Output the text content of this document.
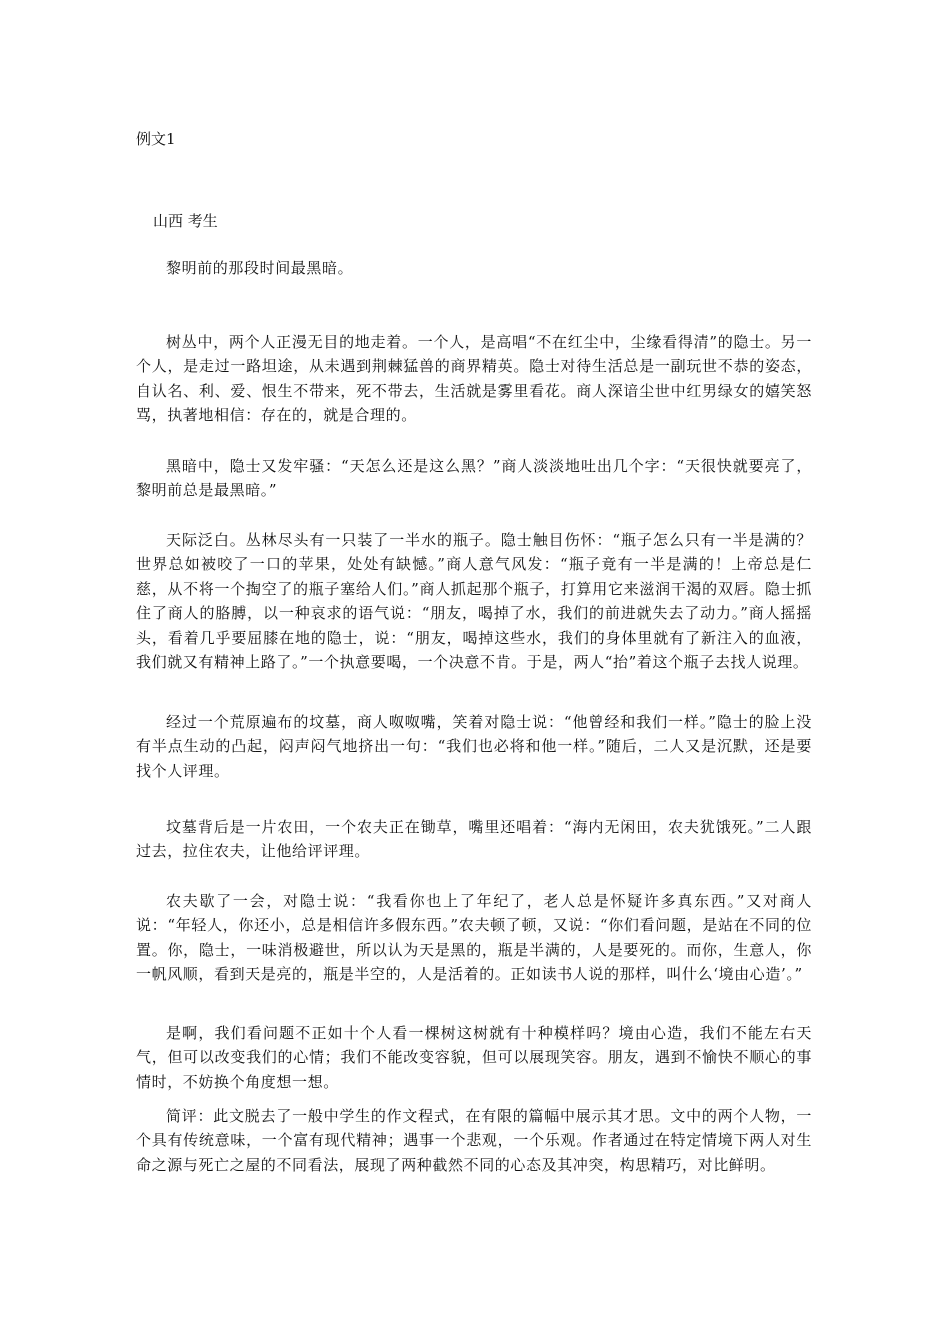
例文1
山西 考生

黎明前的那段时间最黑暗。

树丛中，两个人正漫无目的地走着。一个人，是高唱“不在红尘中，尘缘看得清”的隐士。另一个人，是走过一路坦途，从未遇到荆棘猛兽的商界精英。隐士对待生活总是一副玩世不恭的姿态，自认名、利、爱、恨生不带来，死不带去，生活就是雾里看花。商人深谙尘世中红男绿女的嬉笑怒骂，执著地相信：存在的，就是合理的。

黑暗中，隐士又发牢骚：“天怎么还是这么黑？”商人淡淡地吐出几个字：“天很快就要亮了，黎明前总是最黑暗。”

天际泛白。丛林尽头有一只装了一半水的瓶子。隐士触目伤怀：“瓶子怎么只有一半是满的？世界总如被咬了一口的苹果，处处有缺憾。”商人意气风发：“瓶子竟有一半是满的！上帝总是仁慈，从不将一个掏空了的瓶子塞给人们。”商人抓起那个瓶子，打算用它来滋润干渴的双唇。隐士抓住了商人的胳膊，以一种哀求的语气说：“朋友，喝掉了水，我们的前进就失去了动力。”商人摇摇头，看着几乎要屈膝在地的隐士，说：“朋友，喝掉这些水，我们的身体里就有了新注入的血液，我们就又有精神上路了。”一个执意要喝，一个决意不肯。于是，两人“抬”着这个瓶子去找人说理。

经过一个荒原遍布的坟墓，商人呶呶嘴，笑着对隐士说：“他曾经和我们一样。”隐士的脸上没有半点生动的凸起，闷声闷气地挤出一句：“我们也必将和他一样。”随后，二人又是沉默，还是要找个人评理。

坟墓背后是一片农田，一个农夫正在锄草，嘴里还唱着：“海内无闲田，农夫犹饿死。”二人跟过去，拉住农夫，让他给评评理。

农夫歇了一会，对隐士说：“我看你也上了年纪了，老人总是怀疑许多真东西。”又对商人说：“年轻人，你还小，总是相信许多假东西。”农夫顿了顿，又说：“你们看问题，是站在不同的位置。你，隐士，一味消极避世，所以认为天是黑的，瓶是半满的，人是要死的。而你，生意人，你一帆风顺，看到天是亮的，瓶是半空的，人是活着的。正如读书人说的那样，叫什么‘境由心造’。”

是啊，我们看问题不正如十个人看一棵树这树就有十种模样吗？境由心造，我们不能左右天气，但可以改变我们的心情；我们不能改变容貌，但可以展现笑容。朋友，遇到不愉快不顺心的事情时，不妨换个角度想一想。

简评：此文脱去了一般中学生的作文程式，在有限的篇幅中展示其才思。文中的两个人物，一个具有传统意味，一个富有现代精神；遇事一个悲观，一个乐观。作者通过在特定情境下两人对生命之源与死亡之屋的不同看法，展现了两种截然不同的心态及其冲突，构思精巧，对比鲜明。
